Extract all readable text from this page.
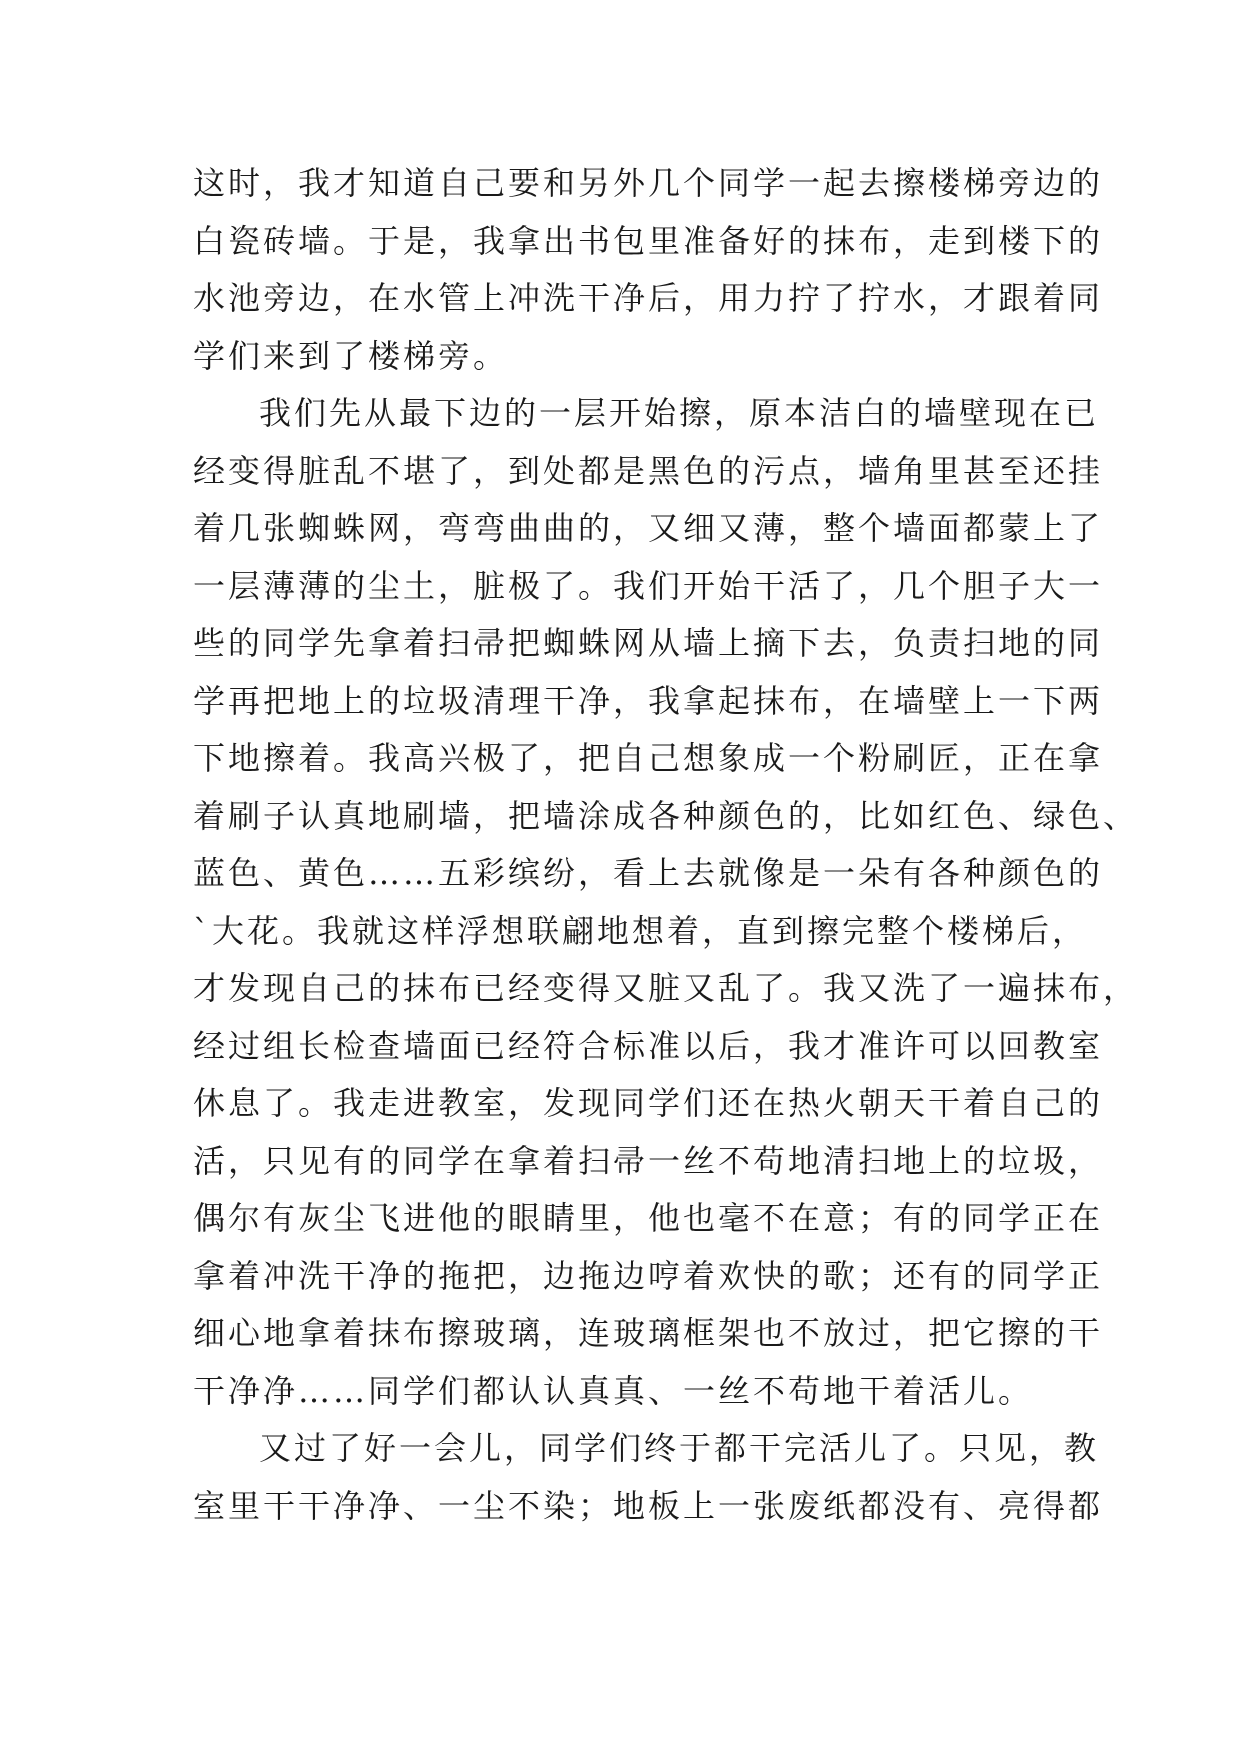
这时，我才知道自己要和另外几个同学一起去擦楼梯旁边的
白瓷砖墙。于是，我拿出书包里准备好的抹布，走到楼下的
水池旁边，在水管上冲洗干净后，用力拧了拧水，才跟着同
学们来到了楼梯旁。
我们先从最下边的一层开始擦，原本洁白的墙壁现在已
经变得脏乱不堪了，到处都是黑色的污点，墙角里甚至还挂
着几张蜘蛛网，弯弯曲曲的，又细又薄，整个墙面都蒙上了
一层薄薄的尘土，脏极了。我们开始干活了，几个胆子大一
些的同学先拿着扫帚把蜘蛛网从墙上摘下去，负责扫地的同
学再把地上的垃圾清理干净，我拿起抹布，在墙壁上一下两
下地擦着。我高兴极了，把自己想象成一个粉刷匠，正在拿
着刷子认真地刷墙，把墙涂成各种颜色的，比如红色、绿色、
蓝色、黄色……五彩缤纷，看上去就像是一朵有各种颜色的
`大花。我就这样浮想联翩地想着，直到擦完整个楼梯后，
才发现自己的抹布已经变得又脏又乱了。我又洗了一遍抹布，
经过组长检查墙面已经符合标准以后，我才准许可以回教室
休息了。我走进教室，发现同学们还在热火朝天干着自己的
活，只见有的同学在拿着扫帚一丝不苟地清扫地上的垃圾，
偶尔有灰尘飞进他的眼睛里，他也毫不在意；有的同学正在
拿着冲洗干净的拖把，边拖边哼着欢快的歌；还有的同学正
细心地拿着抹布擦玻璃，连玻璃框架也不放过，把它擦的干
干净净……同学们都认认真真、一丝不苟地干着活儿。
又过了好一会儿，同学们终于都干完活儿了。只见，教
室里干干净净、一尘不染；地板上一张废纸都没有、亮得都
